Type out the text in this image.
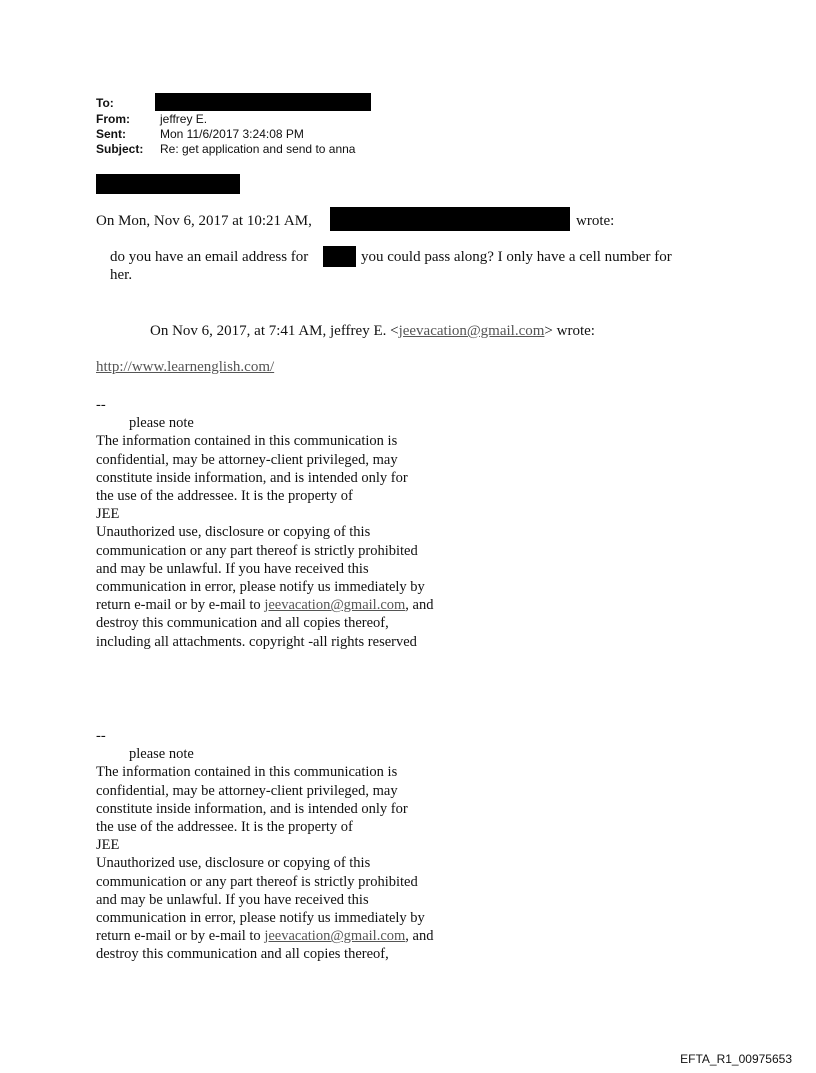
To:
From:	jeffrey E.
Sent:	Mon 11/6/2017 3:24:08 PM
Subject: Re: get application and send to anna
On Mon, Nov 6, 2017 at 10:21 AM,	wrote:
do you have an email address for	you could pass along? I only have a cell number for
her.
On Nov 6, 2017, at 7:41 AM, jeffrey E. <jeevacation@gmail.com> wrote:
http://www.learnenglish.com/
--
please note
The information contained in this communication is
confidential, may be attorney-client privileged, may
constitute inside information, and is intended only for
the use of the addressee. It is the property of
JEE
Unauthorized use, disclosure or copying of this
communication or any part thereof is strictly prohibited
and may be unlawful. If you have received this
communication in error, please notify us immediately by
return e-mail or by e-mail to jeevacation@gmail.com, and
destroy this communication and all copies thereof,
including all attachments. copyright -all rights reserved
--
please note
The information contained in this communication is
confidential, may be attorney-client privileged, may
constitute inside information, and is intended only for
the use of the addressee. It is the property of
JEE
Unauthorized use, disclosure or copying of this
communication or any part thereof is strictly prohibited
and may be unlawful. If you have received this
communication in error, please notify us immediately by
return e-mail or by e-mail to jeevacation@gmail.com, and
destroy this communication and all copies thereof,
EFTA_R1_00975653
